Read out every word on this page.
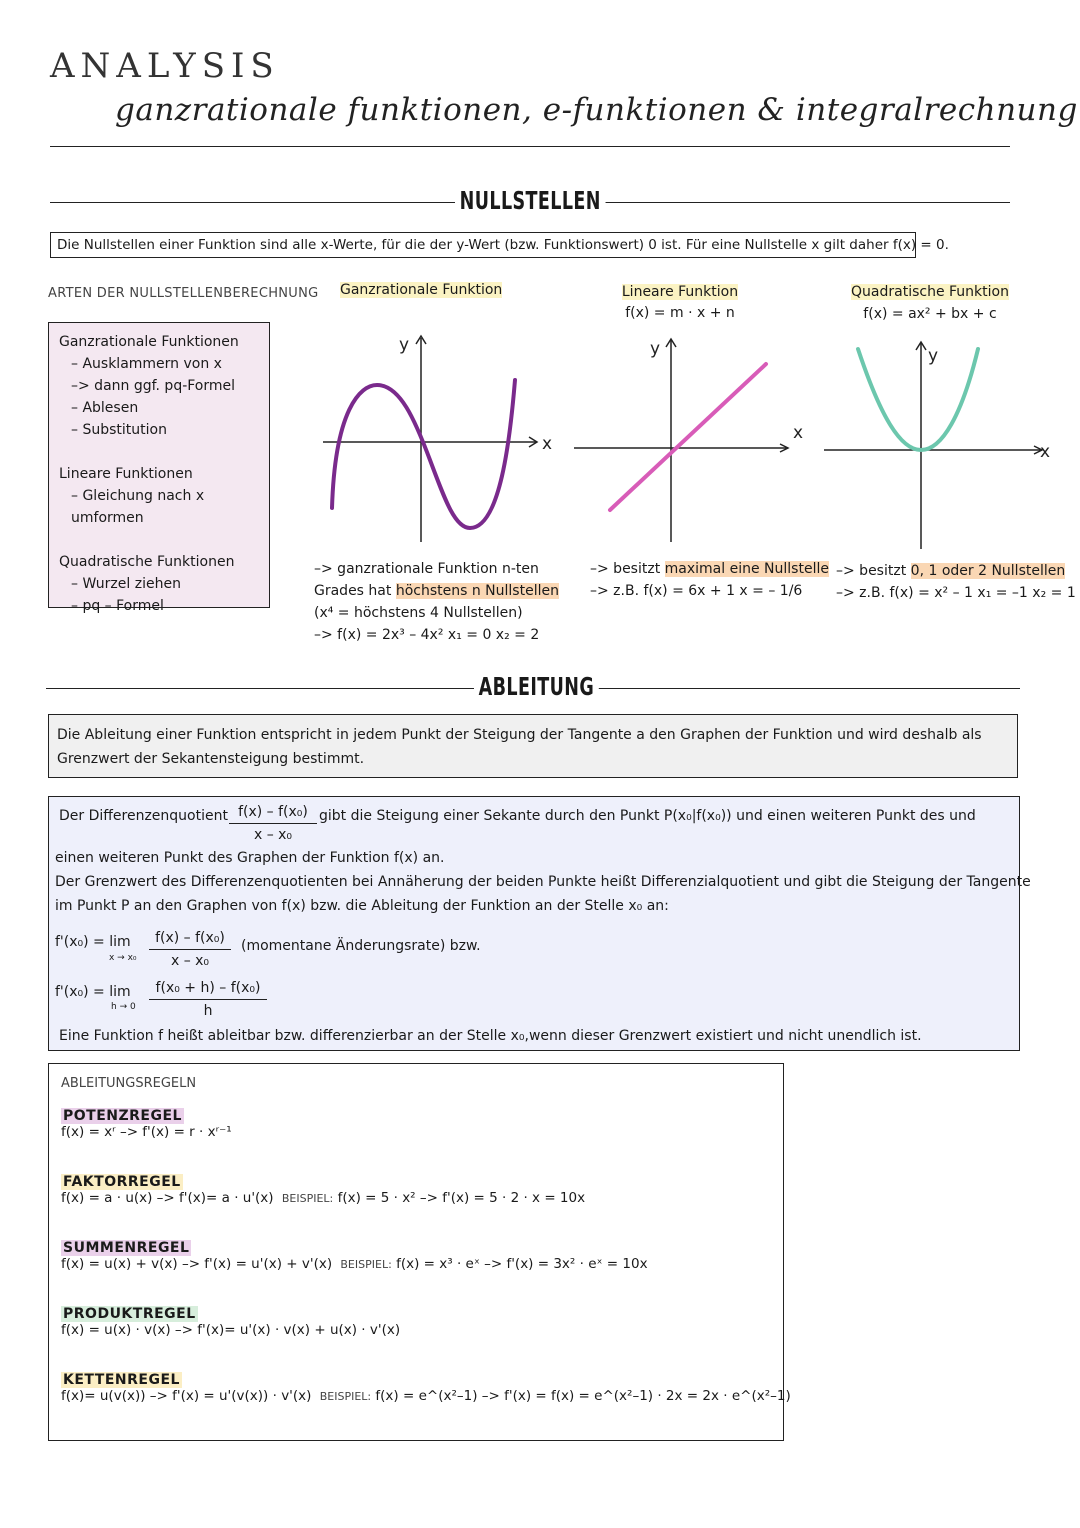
ANALYSIS
ganzrationale funktionen, e-funktionen & integralrechnung
NULLSTELLEN
Die Nullstellen einer Funktion sind alle x-Werte, für die der y-Wert (bzw. Funktionswert) 0 ist. Für eine Nullstelle x gilt daher f(x) = 0.
ARTEN DER NULLSTELLENBERECHNUNG
Ganzrationale Funktionen
– Ausklammern von x
–> dann ggf. pq-Formel
– Ablesen
– Substitution
Lineare Funktionen
– Gleichung nach x umformen
Quadratische Funktionen
– Wurzel ziehen
– pq – Formel
Ganzrationale Funktion
y
x
–> ganzrationale Funktion n-ten
Grades hat höchstens n Nullstellen
(x⁴ = höchstens 4 Nullstellen)
–> f(x) = 2x³ – 4x² x₁ = 0 x₂ = 2
Lineare Funktion
f(x) = m · x + n
y
x
–> besitzt maximal eine Nullstelle
–> z.B. f(x) = 6x + 1 x = – 1/6
Quadratische Funktion
f(x) = ax² + bx + c
y
x
–> besitzt 0, 1 oder 2 Nullstellen
–> z.B. f(x) = x² – 1 x₁ = –1 x₂ = 1
ABLEITUNG
Die Ableitung einer Funktion entspricht in jedem Punkt der Steigung der Tangente a den Graphen der Funktion und wird deshalb als Grenzwert der Sekantensteigung bestimmt.
Der Differenzenquotient f(x) – f(x₀)
x – x₀
gibt die Steigung einer Sekante durch den Punkt P(x₀|f(x₀)) und einen weiteren Punkt des und
einen weiteren Punkt des Graphen der Funktion f(x) an.
Der Grenzwert des Differenzenquotienten bei Annäherung der beiden Punkte heißt Differenzialquotient und gibt die Steigung der Tangente
im Punkt P an den Graphen von f(x) bzw. die Ableitung der Funktion an der Stelle x₀ an:
f'(x₀) = lim
x → x₀
f(x) – f(x₀)
x – x₀
(momentane Änderungsrate) bzw.
f'(x₀) = lim
h → 0
f(x₀ + h) – f(x₀)
h
Eine Funktion f heißt ableitbar bzw. differenzierbar an der Stelle x₀,wenn dieser Grenzwert existiert und nicht unendlich ist.
ABLEITUNGSREGELN
POTENZREGEL
f(x) = xʳ –> f'(x) = r · xʳ⁻¹
FAKTORREGEL
f(x) = a · u(x) –> f'(x)= a · u'(x) BEISPIEL: f(x) = 5 · x² –> f'(x) = 5 · 2 · x = 10x
SUMMENREGEL
f(x) = u(x) + v(x) –> f'(x) = u'(x) + v'(x) BEISPIEL: f(x) = x³ · eˣ –> f'(x) = 3x² · eˣ = 10x
PRODUKTREGEL
f(x) = u(x) · v(x) –> f'(x)= u'(x) · v(x) + u(x) · v'(x)
KETTENREGEL
f(x)= u(v(x)) –> f'(x) = u'(v(x)) · v'(x) BEISPIEL: f(x) = e^(x²–1) –> f'(x) = f(x) = e^(x²–1) · 2x = 2x · e^(x²–1)
